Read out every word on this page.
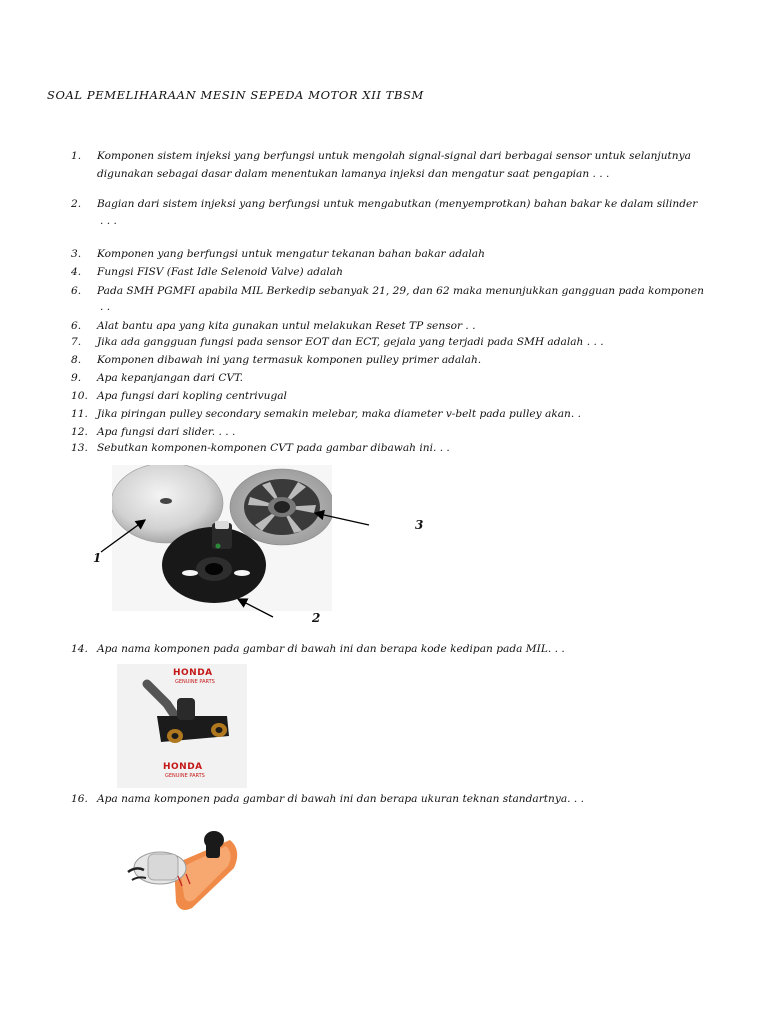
SOAL PEMELIHARAAN MESIN SEPEDA MOTOR XII TBSM
1. Komponen sistem injeksi yang berfungsi untuk mengolah signal-signal dari berbagai sensor untuk selanjutnya
digunakan sebagai dasar dalam menentukan lamanya injeksi dan mengatur saat pengapian . . .
2. Bagian dari sistem injeksi yang berfungsi untuk mengabutkan (menyemprotkan) bahan bakar ke dalam silinder
. . .
3. Komponen yang berfungsi untuk mengatur tekanan bahan bakar adalah
4. Fungsi FISV (Fast Idle Selenoid Valve) adalah
6. Pada SMH PGMFI apabila MIL Berkedip sebanyak 21, 29, dan 62 maka menunjukkan gangguan pada komponen
. .
6. Alat bantu apa yang kita gunakan untul melakukan Reset TP sensor . .
7. Jika ada gangguan fungsi pada sensor EOT dan ECT, gejala yang terjadi pada SMH adalah . . .
8. Komponen dibawah ini yang termasuk komponen pulley primer adalah.
9. Apa kepanjangan dari CVT.
10. Apa fungsi dari kopling centrivugal
11. Jika piringan pulley secondary semakin melebar, maka diameter v-belt pada pulley akan. .
12. Apa fungsi dari slider. . . .
13. Sebutkan komponen-komponen CVT pada gambar dibawah ini. . .
1
2
3
14. Apa nama komponen pada gambar di bawah ini dan berapa kode kedipan pada MIL. . .
HONDA
GENUINE PARTS
HONDA
GENUINE PARTS
16. Apa nama komponen pada gambar di bawah ini dan berapa ukuran teknan standartnya. . .
